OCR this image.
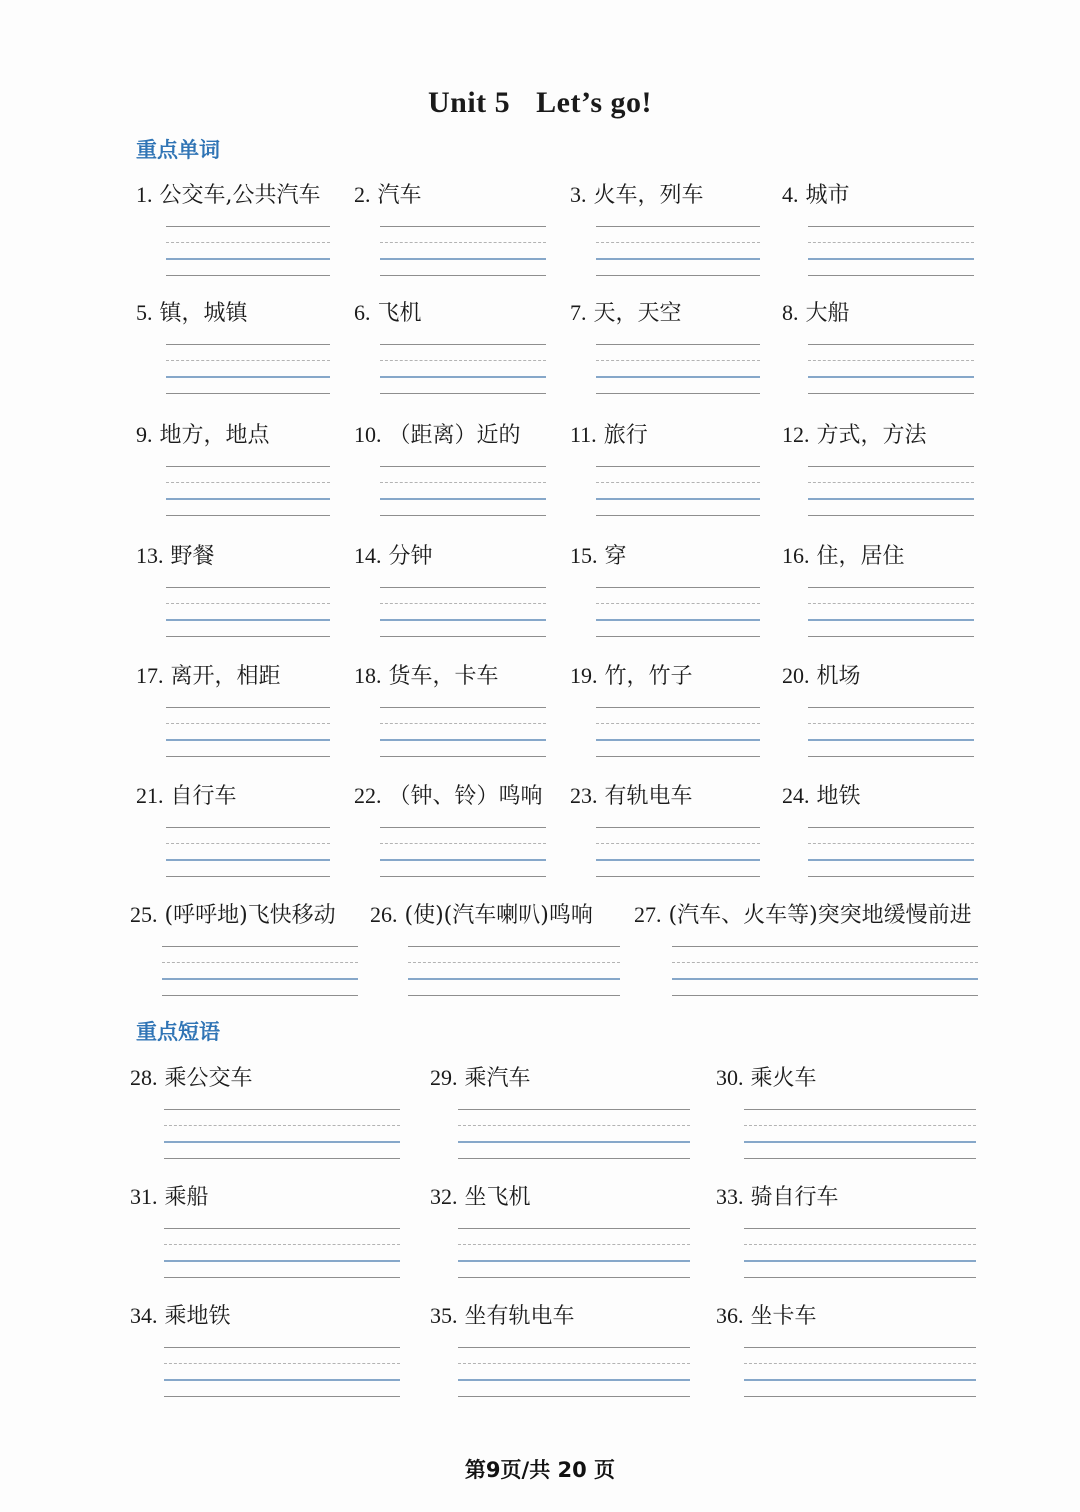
Unit 5 Let’s go!
重点单词
重点短语
1. 公交车,公共汽车 2. 汽车	3. 火车，列车	4. 城市
5. 镇，城镇	6. 飞机	7. 天，天空	8. 大船
9. 地方，地点	10. （距离）近的 11. 旅行	12. 方式，方法
13. 野餐	14. 分钟	15. 穿	16. 住，居住
17. 离开，相距	18. 货车，卡车	19. 竹，竹子	20. 机场
21. 自行车	22. （钟、铃）鸣响 23. 有轨电车	24. 地铁
25. (呼呼地)飞快移动 26. (使)(汽车喇叭)鸣响 27. (汽车、火车等)突突地缓慢前进
28. 乘公交车	29. 乘汽车	30. 乘火车
31. 乘船	32. 坐飞机	33. 骑自行车
34. 乘地铁	35. 坐有轨电车	36. 坐卡车
第9页/共 20 页
